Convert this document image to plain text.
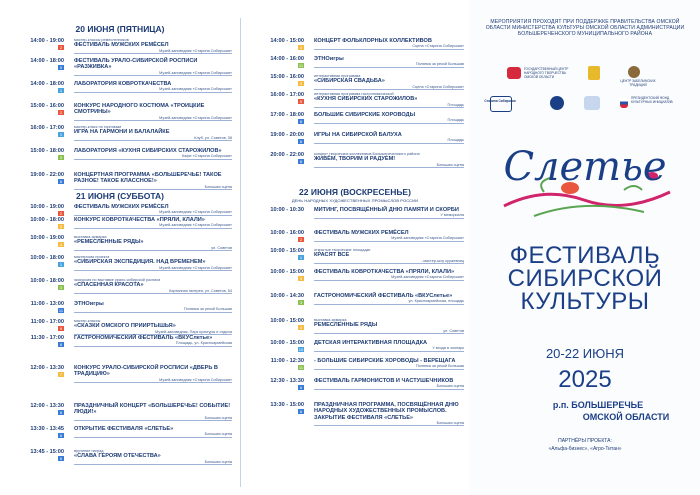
20 ИЮНЯ (ПЯТНИЦА)
14:00 - 19:00
2
мастер-классы ремесленников
ФЕСТИВАЛЬ МУЖСКИХ РЕМЁСЕЛ
Музей-заповедник «Старина Сибирская»
14:00 - 18:00
5
ФЕСТИВАЛЬ УРАЛО-СИБИРСКОЙ РОСПИСИ «РАЗЖИВКА»
Музей-заповедник «Старина Сибирская»
14:00 - 18:00
1
ЛАБОРАТОРИЯ КОВРОТКАЧЕСТВА
Музей-заповедник «Старина Сибирская»
15:00 - 16:00
2
КОНКУРС НАРОДНОГО КОСТЮМА «ТРОИЦКИЕ СМОТРИНЫ»
Музей-заповедник «Старина Сибирская»
16:00 - 17:00
1
мастер-класс по горловым
ИГРА НА ГАРМОНИ И БАЛАЛАЙКЕ
Клуб, ул. Советов, 38
15:00 - 18:00
3
ЛАБОРАТОРИЯ «КУХНЯ СИБИРСКИХ СТАРОЖИЛОВ»
Кафе «Старина Сибирская»
19:00 - 22:00
6
КОНЦЕРТНАЯ ПРОГРАММА «БОЛЬШЕРЕЧЬЕ! ТАКОЕ РАЗНОЕ! ТАКОЕ КЛАССНОЕ!»
Большая сцена
21 ИЮНЯ (СУББОТА)
10:00 - 19:00
2
ФЕСТИВАЛЬ МУЖСКИХ РЕМЁСЕЛ
Музей-заповедник «Старина Сибирская»
10:00 - 18:00
5
КОНКУРС КОВРОТКАЧЕСТВА «ПРЯЛИ, КЛАЛИ»
Музей-заповедник «Старина Сибирская»
10:00 - 19:00
4
выставка-ярмарка
«РЕМЕСЛЕННЫЕ РЯДЫ»
ул. Советов
10:00 - 18:00
1
мастерская проекта
«СИБИРСКАЯ ЭКСПЕДИЦИЯ. НАД ВРЕМЕНЕМ»
Музей-заповедник «Старина Сибирская»
10:00 - 18:00
3
экскурсия по выставке урало-сибирской росписи
«СПАСЕННАЯ КРАСОТА»
Картинная галерея, ул. Советов, 54
11:00 - 13:00
11
ЭТНОигры
Полянка за рекой Большая
11:00 - 17:00
9
мастер-классы
«СКАЗКИ ОМСКОГО ПРИИРТЫШЬЯ»
Музей-заповедник, Парк культуры и отдыха
11:30 - 17:00
6
ГАСТРОНОМИЧЕСКИЙ ФЕСТИВАЛЬ «ВКУСлетье»
Площадь, ул. Красноармейская
12:00 - 13:30
7
КОНКУРС УРАЛО-СИБИРСКОЙ РОСПИСИ «ДВЕРЬ В ТРАДИЦИЮ»
Музей-заповедник «Старина Сибирская»
12:00 - 13:30
6
ПРАЗДНИЧНЫЙ КОНЦЕРТ «БОЛЬШЕРЕЧЬЕ! СОБЫТИЕ! ЛЮДИ!»
Большая сцена
13:30 - 13:45
6
ОТКРЫТИЕ ФЕСТИВАЛЯ «СЛЕТЬЕ»
Большая сцена
13:45 - 15:00
6
вручение наград
«СЛАВА ГЕРОЯМ ОТЕЧЕСТВА»
Большая сцена
14:00 - 15:00
4
КОНЦЕРТ ФОЛЬКЛОРНЫХ КОЛЛЕКТИВОВ
Сцена «Старина Сибирская»
14:00 - 16:00
11
ЭТНОигры
Полянка за рекой Большая
15:00 - 16:00
4
интерактивная программа
«СИБИРСКАЯ СВАДЬБА»
Сцена «Старина Сибирская»
16:00 - 17:00
9
интерактивная программа гастрономической
«КУХНЯ СИБИРСКИХ СТАРОЖИЛОВ»
Площадь
17:00 - 18:00
6
БОЛЬШИЕ СИБИРСКИЕ ХОРОВОДЫ
Площадь
19:00 - 20:00
6
ИГРЫ НА СИБИРСКОЙ БАЛУХА
Площадь
20:00 - 22:00
6
концерт творческих коллективов Большереченского района
ЖИВЁМ, ТВОРИМ И РАДУЕМ!
Большая сцена
22 ИЮНЯ (ВОСКРЕСЕНЬЕ)
ДЕНЬ НАРОДНЫХ ХУДОЖЕСТВЕННЫХ ПРОМЫСЛОВ РОССИИ
10:00 - 10:30 МИТИНГ, ПОСВЯЩЁННЫЙ ДНЮ ПАМЯТИ И СКОРБИ
У мемориала
10:00 - 16:00
2
ФЕСТИВАЛЬ МУЖСКИХ РЕМЁСЕЛ
Музей-заповедник «Старина Сибирская»
10:00 - 15:00
1
открытые творческие площадки
КРАСЯТ ВСЕ
- мастер-шоу кружевниц
10:00 - 15:00
5
ФЕСТИВАЛЬ КОВРОТКАЧЕСТВА «ПРЯЛИ, КЛАЛИ»
Музей-заповедник «Старина Сибирская»
10:00 - 14:30
3
ГАСТРОНОМИЧЕСКИЙ ФЕСТИВАЛЬ «ВКУСлетье»
ул. Красноармейская, площадь
10:00 - 15:00
4
выставка-ярмарка
РЕМЕСЛЕННЫЕ РЯДЫ
ул. Советов
10:00 - 15:00
10
ДЕТСКАЯ ИНТЕРАКТИВНАЯ ПЛОЩАДКА
У входа в зоопарк
11:00 - 12:30
11
- БОЛЬШИЕ СИБИРСКИЕ ХОРОВОДЫ - ВЕРЕЩАГА
Полянка за рекой Большая
12:30 - 13:30
6
ФЕСТИВАЛЬ ГАРМОНИСТОВ И ЧАСТУШЕЧНИКОВ
Большая сцена
13:30 - 15:00
6
ПРАЗДНИЧНАЯ ПРОГРАММА, ПОСВЯЩЁННАЯ ДНЮ НАРОДНЫХ ХУДОЖЕСТВЕННЫХ ПРОМЫСЛОВ. ЗАКРЫТИЕ ФЕСТИВАЛЯ «СЛЕТЬЕ»
Большая сцена
МЕРОПРИЯТИЯ ПРОХОДЯТ ПРИ ПОДДЕРЖКЕ ПРАВИТЕЛЬСТВА ОМСКОЙ ОБЛАСТИ МИНИСТЕРСТВА КУЛЬТУРЫ ОМСКОЙ ОБЛАСТИ АДМИНИСТРАЦИИ БОЛЬШЕРЕЧЕНСКОГО МУНИЦИПАЛЬНОГО РАЙОНА
ГОСУДАРСТВЕННЫЙ ЦЕНТР НАРОДНОГО ТВОРЧЕСТВА ОМСКОЙ ОБЛАСТИ
ЦЕНТР ЗАБЕЛИНСКИХ ТРАДИЦИЙ
Старина Сибирская
ПРЕЗИДЕНТСКИЙ ФОНД КУЛЬТУРНЫХ ИНИЦИАТИВ
Слетье
ФЕСТИВАЛЬ
СИБИРСКОЙ
КУЛЬТУРЫ
20-22 ИЮНЯ
2025
р.п. БОЛЬШЕРЕЧЬЕ
ОМСКОЙ ОБЛАСТИ
ПАРТНЁРЫ ПРОЕКТА:
«Альфа-бизнес», «Агро-Титан»
